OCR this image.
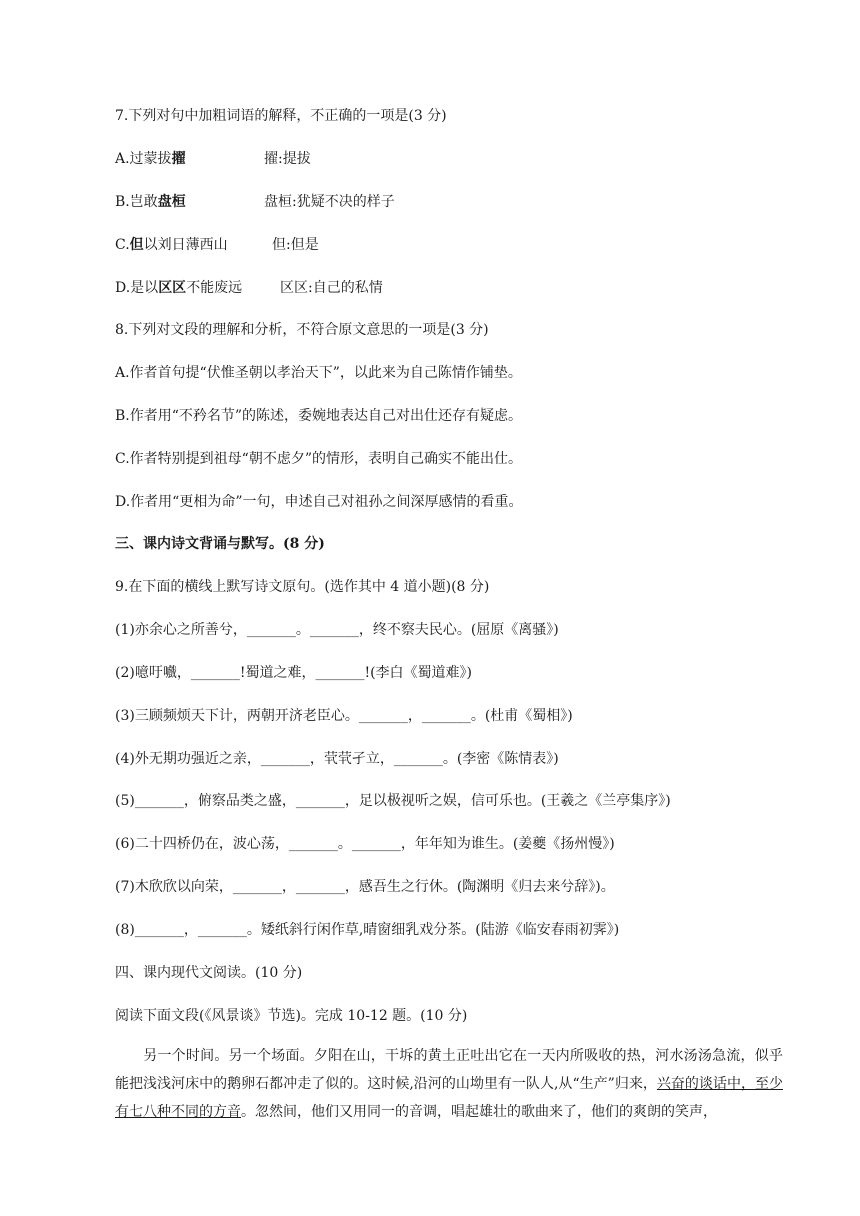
7.下列对句中加粗词语的解释，不正确的一项是(3 分)
A.过蒙拔擢	擢:提拔
B.岂敢盘桓	盘桓:犹疑不决的样子
C.但以刘日薄西山	但:但是
D.是以区区不能废远	区区:自己的私情
8.下列对文段的理解和分析，不符合原文意思的一项是(3 分)
A.作者首句提“伏惟圣朝以孝治天下”，以此来为自己陈情作铺垫。
B.作者用“不矜名节”的陈述，委婉地表达自己对出仕还存有疑虑。
C.作者特别提到祖母“朝不虑夕”的情形，表明自己确实不能出仕。
D.作者用“更相为命”一句，申述自己对祖孙之间深厚感情的看重。
三、课内诗文背诵与默写。(8 分)
9.在下面的横线上默写诗文原句。(选作其中 4 道小题)(8 分)
(1)亦余心之所善兮，_______。_______，终不察夫民心。(屈原《离骚》)
(2)噫吁嚱，_______!蜀道之难，_______!(李白《蜀道难》)
(3)三顾频烦天下计，两朝开济老臣心。_______，_______。(杜甫《蜀相》)
(4)外无期功强近之亲，_______，茕茕孑立，_______。(李密《陈情表》)
(5)_______，俯察品类之盛，_______，足以极视听之娱，信可乐也。(王羲之《兰亭集序》)
(6)二十四桥仍在，波心荡，_______。_______，年年知为谁生。(姜夔《扬州慢》)
(7)木欣欣以向荣，_______，_______，感吾生之行休。(陶渊明《归去来兮辞》)。
(8)_______，_______。矮纸斜行闲作草,晴窗细乳戏分茶。(陆游《临安春雨初霁》)
四、课内现代文阅读。(10 分)
阅读下面文段(《风景谈》节选)。完成 10-12 题。(10 分)
另一个时间。另一个场面。夕阳在山，干坼的黄土正吐出它在一天内所吸收的热，河水汤汤急流，似乎能把浅浅河床中的鹅卵石都冲走了似的。这时候,沿河的山坳里有一队人,从“生产”归来，兴奋的谈话中，至少有七八种不同的方音。忽然间，他们又用同一的音调，唱起雄壮的歌曲来了，他们的爽朗的笑声，
